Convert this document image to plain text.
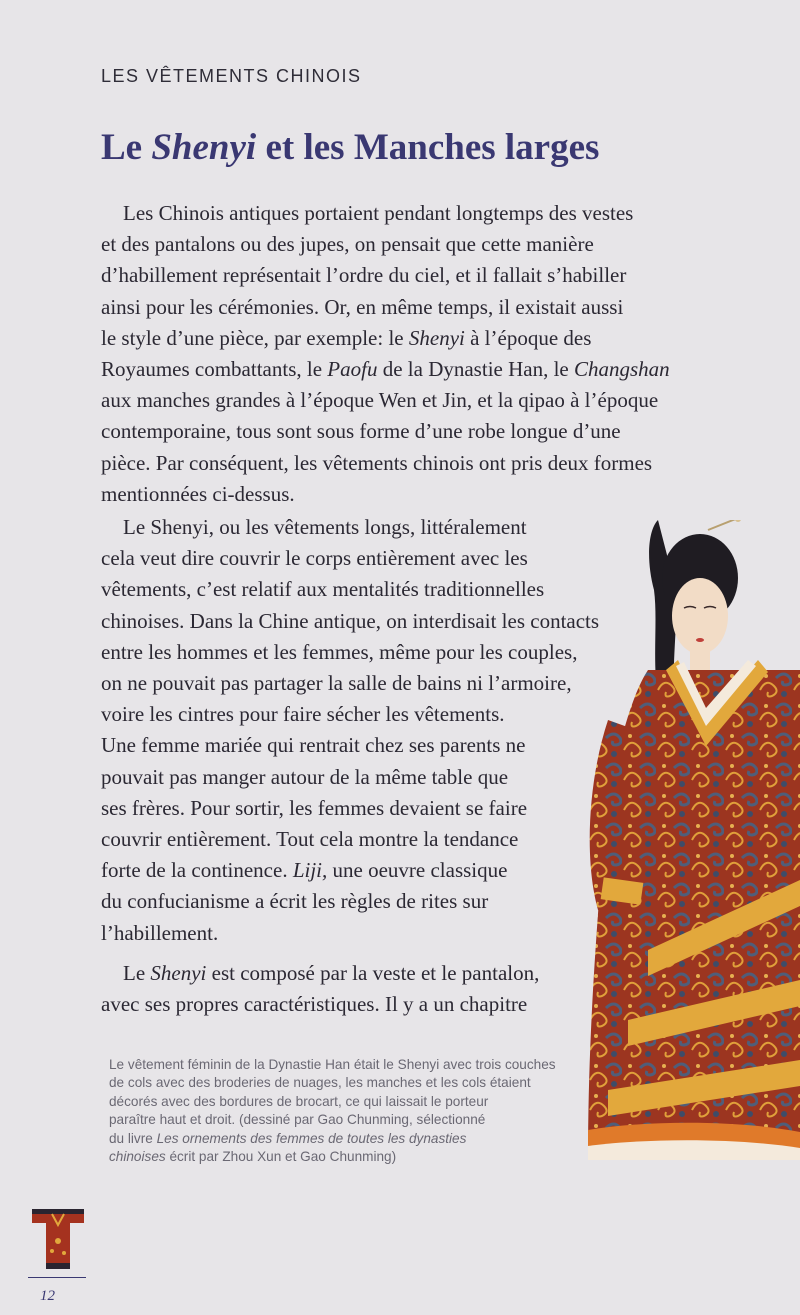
LES VÊTEMENTS CHINOIS
Le Shenyi et les Manches larges

Les Chinois antiques portaient pendant longtemps des vestes
et des pantalons ou des jupes, on pensait que cette manière
d’habillement représentait l’ordre du ciel, et il fallait s’habiller
ainsi pour les cérémonies. Or, en même temps, il existait aussi
le style d’une pièce, par exemple: le Shenyi à l’époque des
Royaumes combattants, le Paofu de la Dynastie Han, le Changshan
aux manches grandes à l’époque Wen et Jin, et la qipao à l’époque
contemporaine, tous sont sous forme d’une robe longue d’une
pièce. Par conséquent, les vêtements chinois ont pris deux formes
mentionnées ci-dessus.

Le Shenyi, ou les vêtements longs, littéralement
cela veut dire couvrir le corps entièrement avec les
vêtements, c’est relatif aux mentalités traditionnelles
chinoises. Dans la Chine antique, on interdisait les contacts
entre les hommes et les femmes, même pour les couples,
on ne pouvait pas partager la salle de bains ni l’armoire,
voire les cintres pour faire sécher les vêtements.
Une femme mariée qui rentrait chez ses parents ne
pouvait pas manger autour de la même table que
ses frères. Pour sortir, les femmes devaient se faire
couvrir entièrement. Tout cela montre la tendance
forte de la continence. Liji, une oeuvre classique
du confucianisme a écrit les règles de rites sur
l’habillement.

Le Shenyi est composé par la veste et le pantalon,
avec ses propres caractéristiques. Il y a un chapitre

Le vêtement féminin de la Dynastie Han était le Shenyi avec trois couches
de cols avec des broderies de nuages, les manches et les cols étaient
décorés avec des bordures de brocart, ce qui laissait le porteur
paraître haut et droit. (dessiné par Gao Chunming, sélectionné
du livre Les ornements des femmes de toutes les dynasties
chinoises écrit par Zhou Xun et Gao Chunming)
12
